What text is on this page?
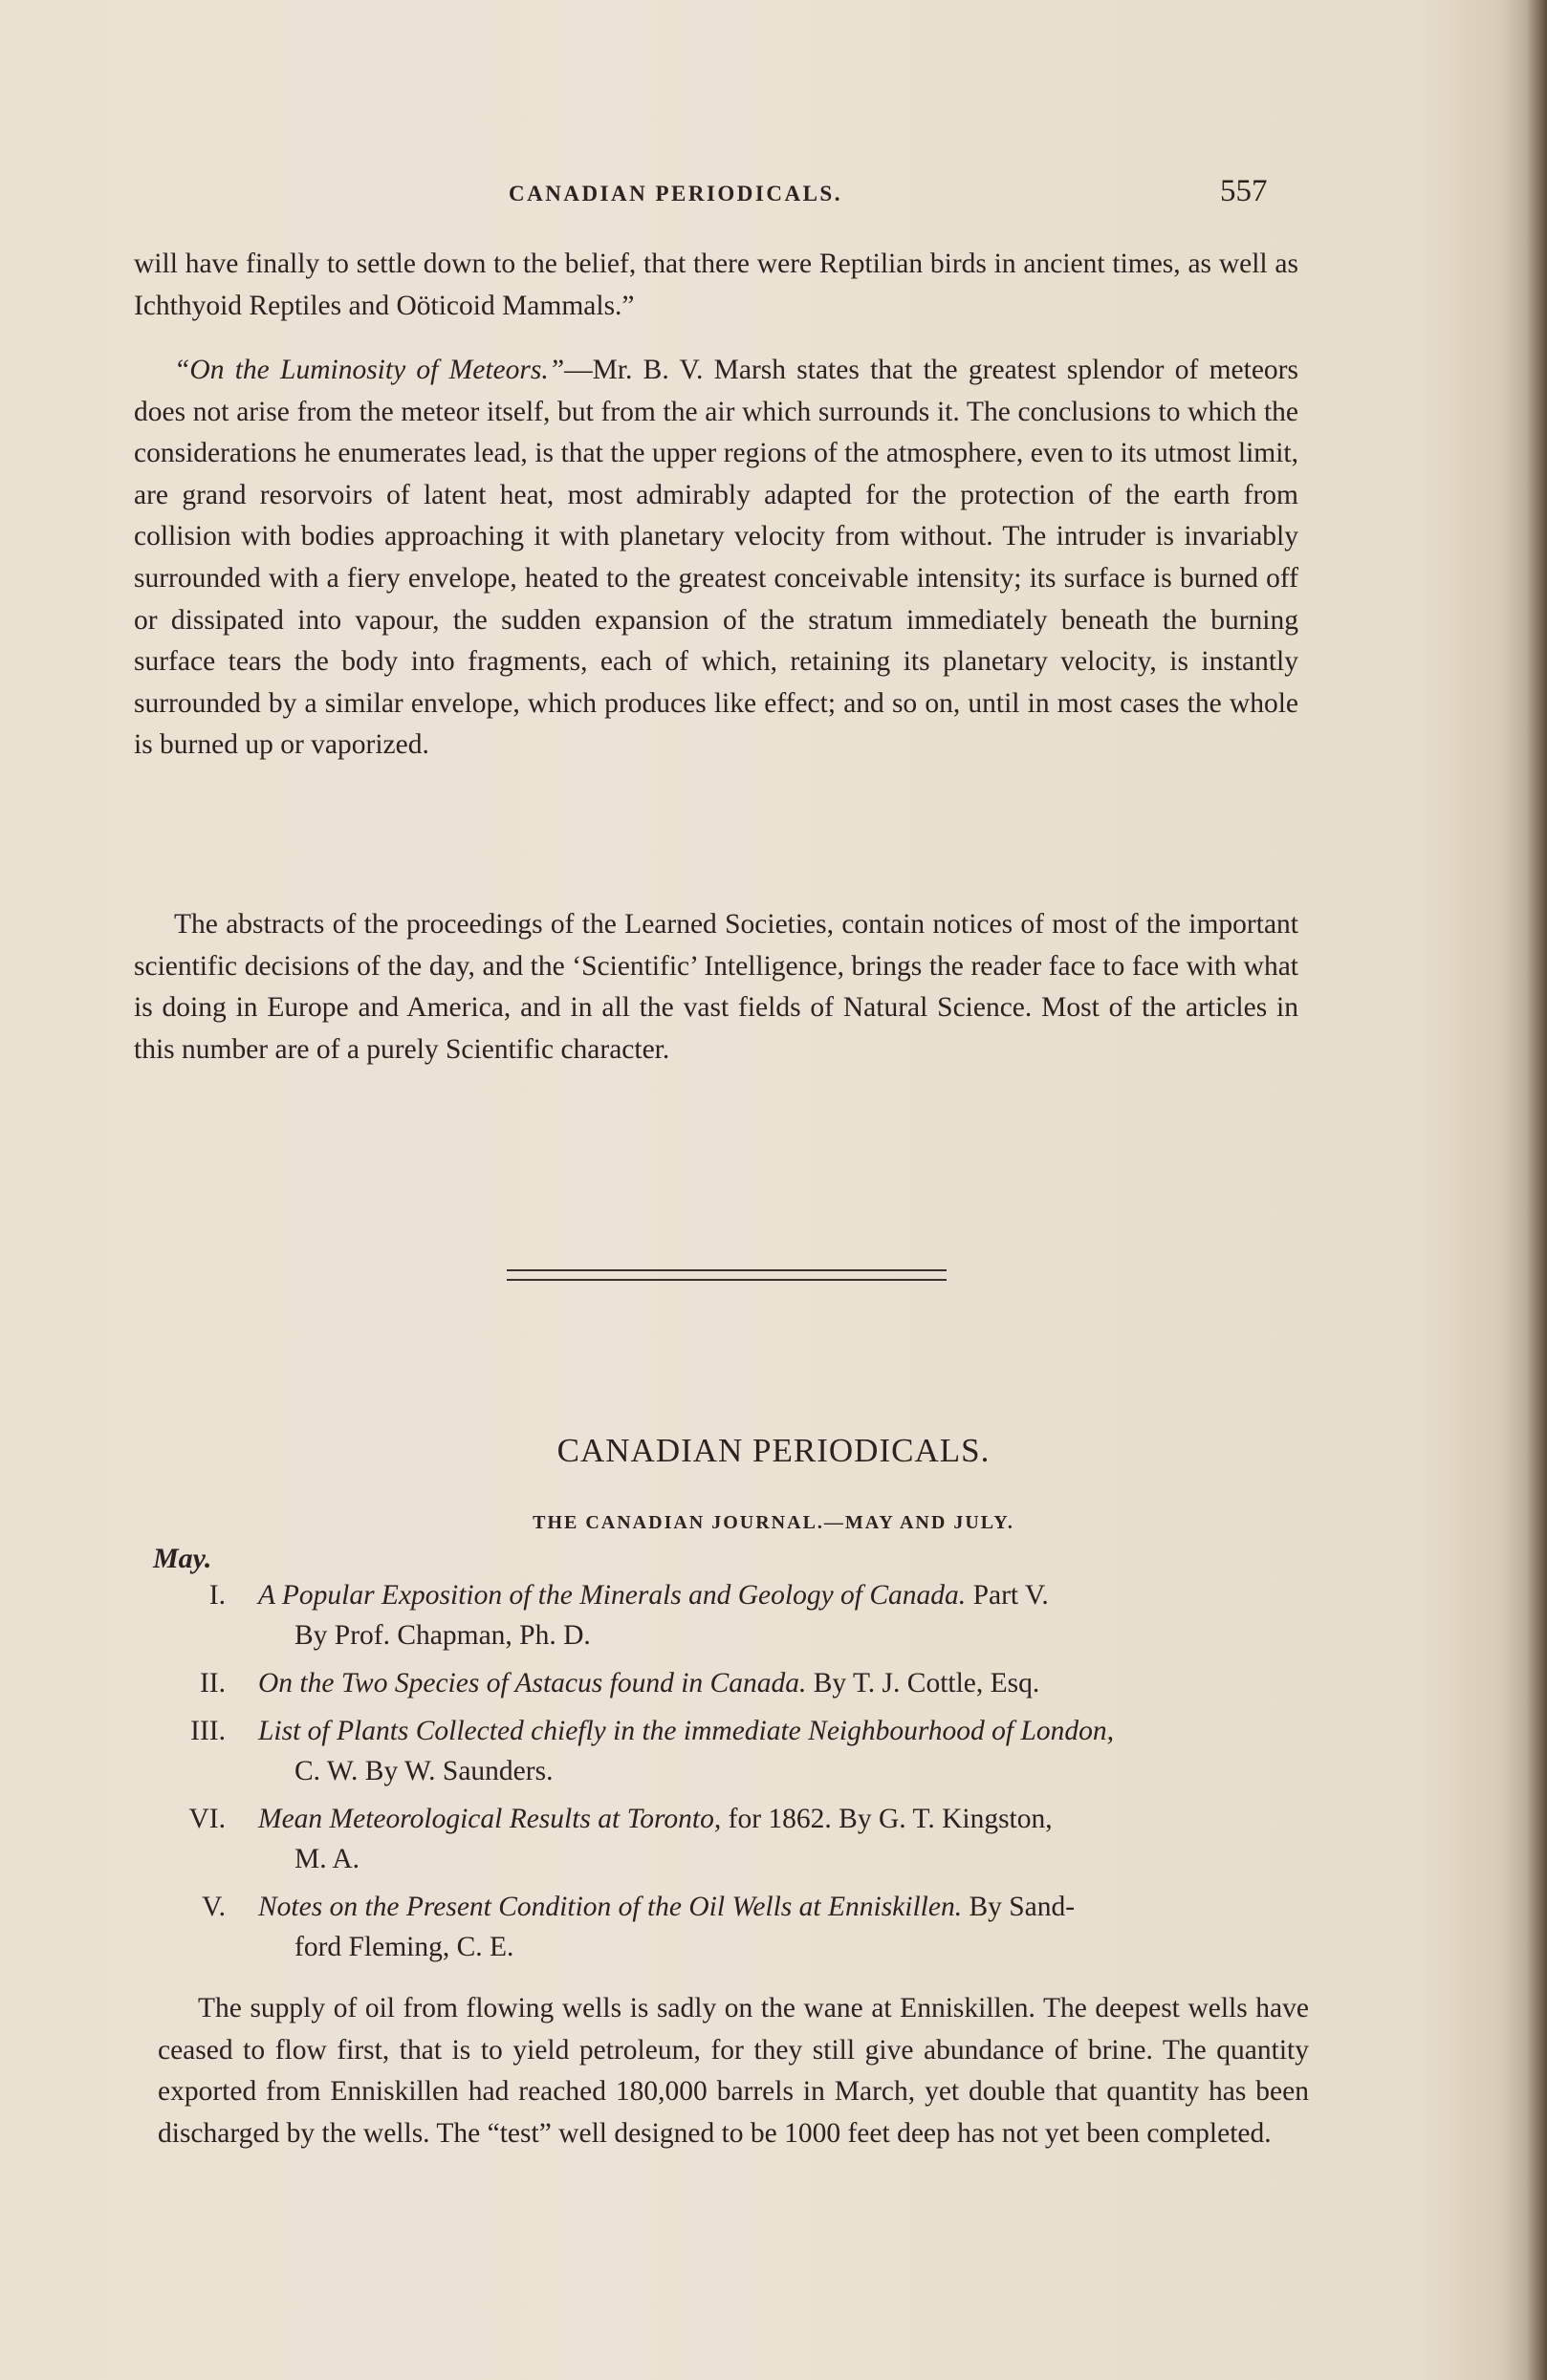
CANADIAN PERIODICALS.	557

will have finally to settle down to the belief, that there were Reptilian birds in ancient times, as well as Ichthyoid Reptiles and Oöticoid Mammals.”

“On the Luminosity of Meteors.”—Mr. B. V. Marsh states that the greatest splendor of meteors does not arise from the meteor itself, but from the air which surrounds it. The conclusions to which the considerations he enumerates lead, is that the upper regions of the atmosphere, even to its utmost limit, are grand resorvoirs of latent heat, most admirably adapted for the protection of the earth from collision with bodies approaching it with planetary velocity from without. The intruder is invariably surrounded with a fiery envelope, heated to the greatest conceivable intensity; its surface is burned off or dissipated into vapour, the sudden expansion of the stratum immediately beneath the burning surface tears the body into fragments, each of which, retaining its planetary velocity, is instantly surrounded by a similar envelope, which produces like effect; and so on, until in most cases the whole is burned up or vaporized.

The abstracts of the proceedings of the Learned Societies, contain notices of most of the important scientific decisions of the day, and the ‘Scientific’ Intelligence, brings the reader face to face with what is doing in Europe and America, and in all the vast fields of Natural Science. Most of the articles in this number are of a purely Scientific character.

CANADIAN PERIODICALS.
THE CANADIAN JOURNAL.—MAY AND JULY.
May.
I. A Popular Exposition of the Minerals and Geology of Canada. Part V.
By Prof. Chapman, Ph. D.
II. On the Two Species of Astacus found in Canada. By T. J. Cottle, Esq.
III. List of Plants Collected chiefly in the immediate Neighbourhood of London,
C. W. By W. Saunders.
VI. Mean Meteorological Results at Toronto, for 1862. By G. T. Kingston,
M. A.
V. Notes on the Present Condition of the Oil Wells at Enniskillen. By Sand-
ford Fleming, C. E.

The supply of oil from flowing wells is sadly on the wane at Enniskillen. The deepest wells have ceased to flow first, that is to yield petroleum, for they still give abundance of brine. The quantity exported from Enniskillen had reached 180,000 barrels in March, yet double that quantity has been discharged by the wells. The “test” well designed to be 1000 feet deep has not yet been completed.
